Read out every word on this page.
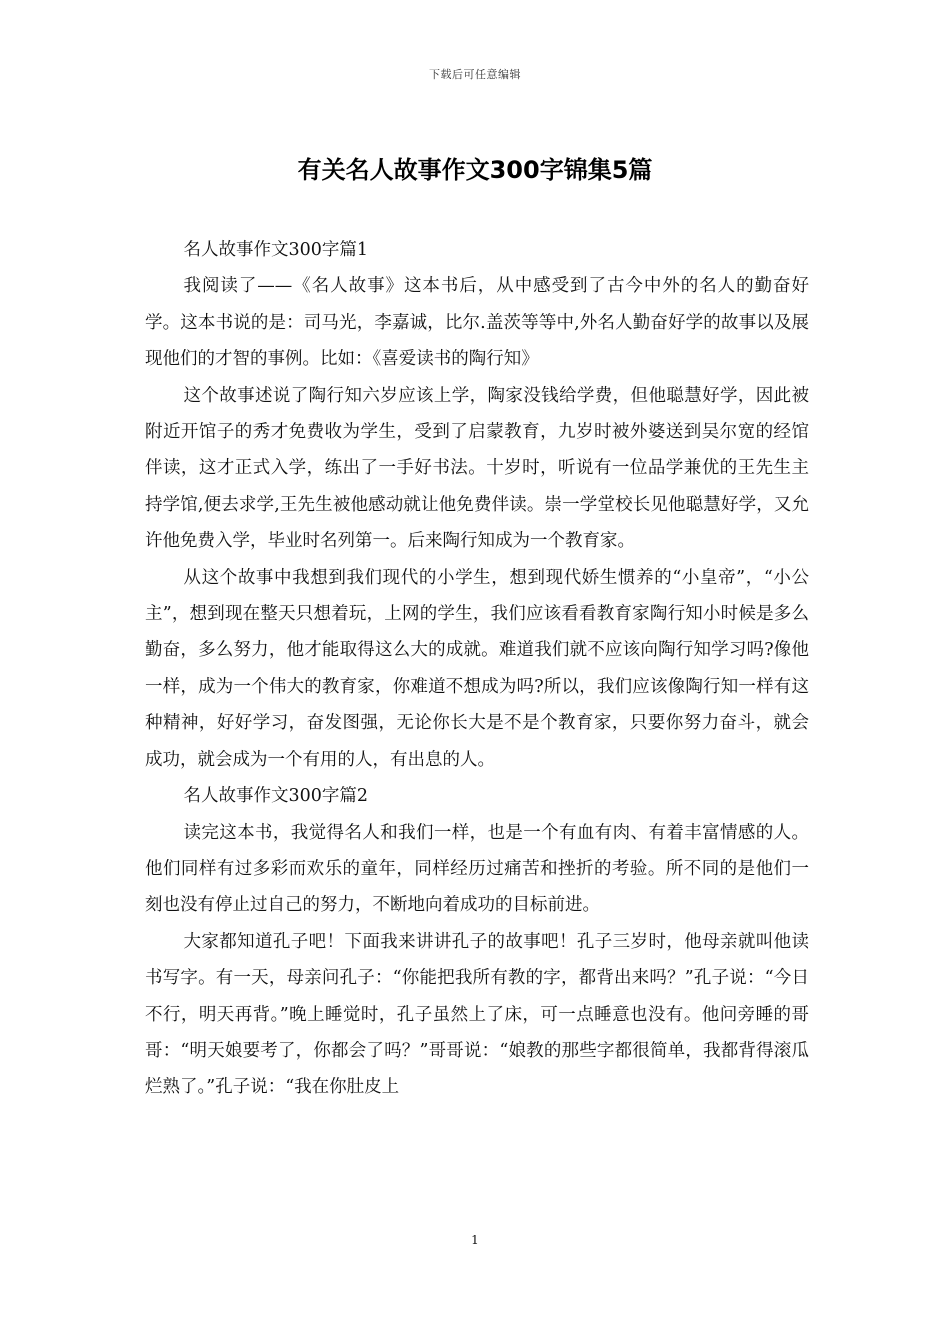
下载后可任意编辑
有关名人故事作文300字锦集5篇

名人故事作文300字篇1

我阅读了——《名人故事》这本书后，从中感受到了古今中外的名人的勤奋好学。这本书说的是：司马光，李嘉诚，比尔.盖茨等等中,外名人勤奋好学的故事以及展现他们的才智的事例。比如：《喜爱读书的陶行知》

这个故事述说了陶行知六岁应该上学，陶家没钱给学费，但他聪慧好学，因此被附近开馆子的秀才免费收为学生，受到了启蒙教育，九岁时被外婆送到吴尔宽的经馆伴读，这才正式入学，练出了一手好书法。十岁时，听说有一位品学兼优的王先生主持学馆,便去求学,王先生被他感动就让他免费伴读。崇一学堂校长见他聪慧好学，又允许他免费入学，毕业时名列第一。后来陶行知成为一个教育家。

从这个故事中我想到我们现代的小学生，想到现代娇生惯养的“小皇帝”，“小公主”，想到现在整天只想着玩，上网的学生，我们应该看看教育家陶行知小时候是多么勤奋，多么努力，他才能取得这么大的成就。难道我们就不应该向陶行知学习吗?像他一样，成为一个伟大的教育家，你难道不想成为吗?所以，我们应该像陶行知一样有这种精神，好好学习，奋发图强，无论你长大是不是个教育家，只要你努力奋斗，就会成功，就会成为一个有用的人，有出息的人。

名人故事作文300字篇2

读完这本书，我觉得名人和我们一样，也是一个有血有肉、有着丰富情感的人。他们同样有过多彩而欢乐的童年，同样经历过痛苦和挫折的考验。所不同的是他们一刻也没有停止过自己的努力，不断地向着成功的目标前进。

大家都知道孔子吧！下面我来讲讲孔子的故事吧！孔子三岁时，他母亲就叫他读书写字。有一天，母亲问孔子：“你能把我所有教的字，都背出来吗？”孔子说：“今日不行，明天再背。”晚上睡觉时，孔子虽然上了床，可一点睡意也没有。他问旁睡的哥哥：“明天娘要考了，你都会了吗？”哥哥说：“娘教的那些字都很简单，我都背得滚瓜烂熟了。”孔子说：“我在你肚皮上

1
